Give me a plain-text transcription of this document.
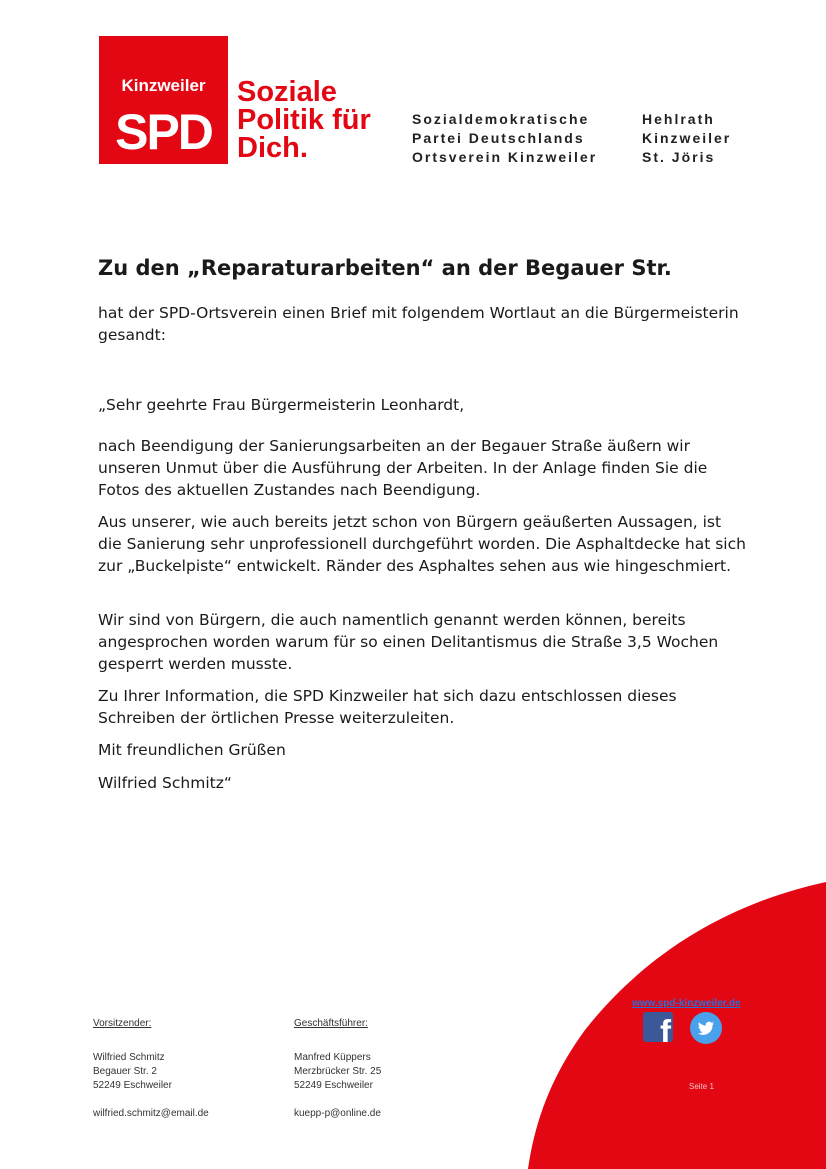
Kinzweiler
SPD
Soziale
Politik für
Dich.
Sozialdemokratische
Partei Deutschlands
Ortsverein Kinzweiler
Hehlrath
Kinzweiler
St. Jöris
Zu den „Reparaturarbeiten“ an der Begauer Str.

hat der SPD-Ortsverein einen Brief mit folgendem Wortlaut an die Bürgermeisterin gesandt:

„Sehr geehrte Frau Bürgermeisterin Leonhardt,

nach Beendigung der Sanierungsarbeiten an der Begauer Straße äußern wir unseren Unmut über die Ausführung der Arbeiten. In der Anlage finden Sie die Fotos des aktuellen Zustandes nach Beendigung.

Aus unserer, wie auch bereits jetzt schon von Bürgern geäußerten Aussagen, ist die Sanierung sehr unprofessionell durchgeführt worden. Die Asphaltdecke hat sich zur „Buckelpiste“ entwickelt. Ränder des Asphaltes sehen aus wie hingeschmiert.

Wir sind von Bürgern, die auch namentlich genannt werden können, bereits angesprochen worden warum für so einen Delitantismus die Straße 3,5 Wochen gesperrt werden musste.

Zu Ihrer Information, die SPD Kinzweiler hat sich dazu entschlossen dieses Schreiben der örtlichen Presse weiterzuleiten.

Mit freundlichen Grüßen

Wilfried Schmitz“

Vorsitzender:
Wilfried Schmitz
Begauer Str. 2
52249 Eschweiler
wilfried.schmitz@email.de
Geschäftsführer:
Manfred Küppers
Merzbrücker Str. 25
52249 Eschweiler
kuepp-p@online.de
www.spd-kinzweiler.de
f
Seite 1
